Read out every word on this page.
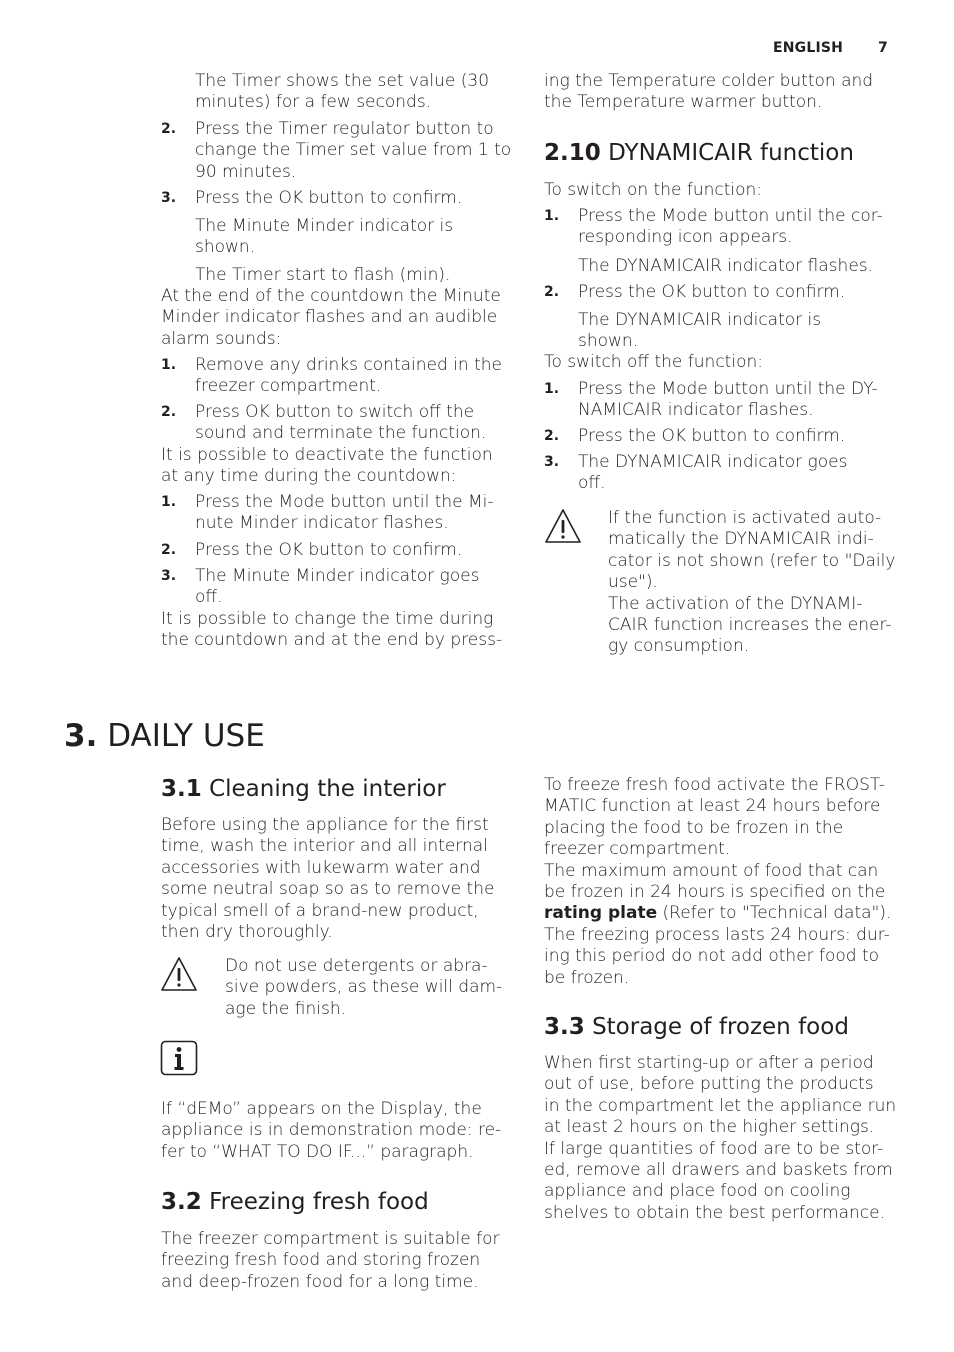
ENGLISH 7
The Timer shows the set value (30
minutes) for a few seconds.
2. Press the Timer regulator button to
change the Timer set value from 1 to
90 minutes.
3. Press the OK button to confirm.
The Minute Minder indicator is
shown.
The Timer start to flash (min).
At the end of the countdown the Minute
Minder indicator flashes and an audible
alarm sounds:
1. Remove any drinks contained in the
freezer compartment.
2. Press OK button to switch off the
sound and terminate the function.
It is possible to deactivate the function
at any time during the countdown:
1. Press the Mode button until the Mi-
nute Minder indicator flashes.
2. Press the OK button to confirm.
3. The Minute Minder indicator goes
off.
It is possible to change the time during
the countdown and at the end by press-
ing the Temperature colder button and
the Temperature warmer button.
2.10 DYNAMICAIR function
To switch on the function:
1. Press the Mode button until the cor-
responding icon appears.
The DYNAMICAIR indicator flashes.
2. Press the OK button to confirm.
The DYNAMICAIR indicator is
shown.
To switch off the function:
1. Press the Mode button until the DY-
NAMICAIR indicator flashes.
2. Press the OK button to confirm.
3. The DYNAMICAIR indicator goes
off.
If the function is activated auto-
matically the DYNAMICAIR indi-
cator is not shown (refer to "Daily
use").
The activation of the DYNAMI-
CAIR function increases the ener-
gy consumption.
3. DAILY USE
3.1 Cleaning the interior
Before using the appliance for the first
time, wash the interior and all internal
accessories with lukewarm water and
some neutral soap so as to remove the
typical smell of a brand-new product,
then dry thoroughly.
Do not use detergents or abra-
sive powders, as these will dam-
age the finish.
If “dEMo” appears on the Display, the
appliance is in demonstration mode: re-
fer to “WHAT TO DO IF...” paragraph.
3.2 Freezing fresh food
The freezer compartment is suitable for
freezing fresh food and storing frozen
and deep-frozen food for a long time.
To freeze fresh food activate the FROST-
MATIC function at least 24 hours before
placing the food to be frozen in the
freezer compartment.
The maximum amount of food that can
be frozen in 24 hours is specified on the
rating plate (Refer to "Technical data").
The freezing process lasts 24 hours: dur-
ing this period do not add other food to
be frozen.
3.3 Storage of frozen food
When first starting-up or after a period
out of use, before putting the products
in the compartment let the appliance run
at least 2 hours on the higher settings.
If large quantities of food are to be stor-
ed, remove all drawers and baskets from
appliance and place food on cooling
shelves to obtain the best performance.
